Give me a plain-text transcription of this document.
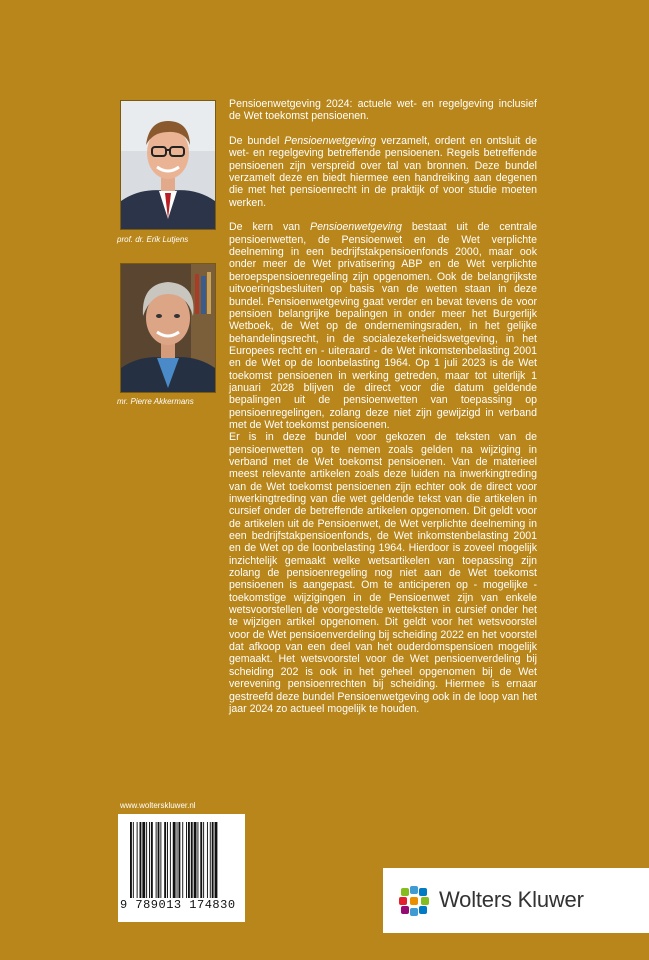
prof. dr. Erik Lutjens
mr. Pierre Akkermans

Pensioenwetgeving 2024: actuele wet- en regelgeving inclusief de Wet toekomst pensioenen.

De bundel Pensioenwetgeving verzamelt, ordent en ontsluit de wet- en regelgeving betreffende pensioenen. Regels betreffende pensioenen zijn verspreid over tal van bronnen. Deze bundel verzamelt deze en biedt hiermee een handreiking aan degenen die met het pensioenrecht in de praktijk of voor studie moeten werken.

De kern van Pensioenwetgeving bestaat uit de centrale pensioenwetten, de Pensioenwet en de Wet verplichte deelneming in een bedrijfstakpensioenfonds 2000, maar ook onder meer de Wet privatisering ABP en de Wet verplichte beroepspensioenregeling zijn opgenomen. Ook de belangrijkste uitvoeringsbesluiten op basis van de wetten staan in deze bundel. Pensioenwetgeving gaat verder en bevat tevens de voor pensioen belangrijke bepalingen in onder meer het Burgerlijk Wetboek, de Wet op de ondernemingsraden, in het gelijke behandelingsrecht, in de socialezekerheidswetgeving, in het Europees recht en - uiteraard - de Wet inkomstenbelasting 2001 en de Wet op de loonbelasting 1964. Op 1 juli 2023 is de Wet toekomst pensioenen in werking getreden, maar tot uiterlijk 1 januari 2028 blijven de direct voor die datum geldende bepalingen uit de pensioenwetten van toepassing op pensioenregelingen, zolang deze niet zijn gewijzigd in verband met de Wet toekomst pensioenen.

Er is in deze bundel voor gekozen de teksten van de pensioenwetten op te nemen zoals gelden na wijziging in verband met de Wet toekomst pensioenen. Van de materieel meest relevante artikelen zoals deze luiden na inwerkingtreding van de Wet toekomst pensioenen zijn echter ook de direct voor inwerkingtreding van die wet geldende tekst van die artikelen in cursief onder de betreffende artikelen opgenomen. Dit geldt voor de artikelen uit de Pensioenwet, de Wet verplichte deelneming in een bedrijfstakpensioenfonds, de Wet inkomstenbelasting 2001 en de Wet op de loonbelasting 1964. Hierdoor is zoveel mogelijk inzichtelijk gemaakt welke wetsartikelen van toepassing zijn zolang de pensioenregeling nog niet aan de Wet toekomst pensioenen is aangepast. Om te anticiperen op - mogelijke - toekomstige wijzigingen in de Pensioenwet zijn van enkele wetsvoorstellen de voorgestelde wetteksten in cursief onder het te wijzigen artikel opgenomen. Dit geldt voor het wetsvoorstel voor de Wet pensioenverdeling bij scheiding 2022 en het voorstel dat afkoop van een deel van het ouderdomspensioen mogelijk gemaakt. Het wetsvoorstel voor de Wet pensioenverdeling bij scheiding 202 is ook in het geheel opgenomen bij de Wet verevening pensioenrechten bij scheiding. Hiermee is ernaar gestreefd deze bundel Pensioenwetgeving ook in de loop van het jaar 2024 zo actueel mogelijk te houden.

www.wolterskluwer.nl
9 789013 174830	Wolters Kluwer
